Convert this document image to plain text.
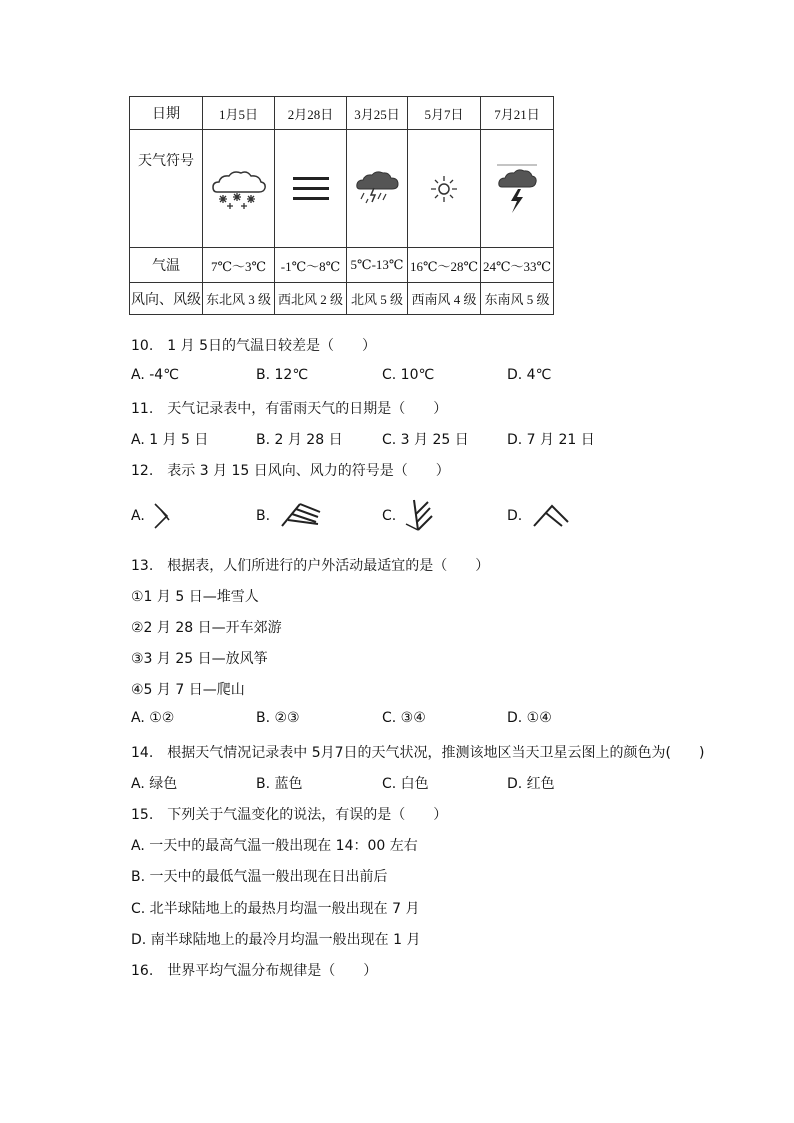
日期	1月5日	2月28日	3月25日	5月7日	7月21日
天气符号	

气温	7℃～3℃	-1℃～8℃	5℃-13℃	16℃～28℃	24℃～33℃
风向、风级	东北风 3 级	西北风 2 级	北风 5 级	西南风 4 级	东南风 5 级
10.　1 月 5日的气温日较差是（　　）
A. -4℃	B. 12℃	C. 10℃	D. 4℃
11.　天气记录表中，有雷雨天气的日期是（　　）
A. 1 月 5 日	B. 2 月 28 日	C. 3 月 25 日	D. 7 月 21 日
12.　表示 3 月 15 日风向、风力的符号是（　　）
A.	B.	C.	D.
13.　根据表，人们所进行的户外活动最适宜的是（　　）
①1 月 5 日—堆雪人
②2 月 28 日—开车郊游
③3 月 25 日—放风筝
④5 月 7 日—爬山
A. ①②	B. ②③	C. ③④	D. ①④
14.　根据天气情况记录表中 5月7日的天气状况，推测该地区当天卫星云图上的颜色为(　　)
A. 绿色	B. 蓝色	C. 白色	D. 红色
15.　下列关于气温变化的说法，有误的是（　　）
A. 一天中的最高气温一般出现在 14：00 左右
B. 一天中的最低气温一般出现在日出前后
C. 北半球陆地上的最热月均温一般出现在 7 月
D. 南半球陆地上的最冷月均温一般出现在 1 月
16.　世界平均气温分布规律是（　　）
